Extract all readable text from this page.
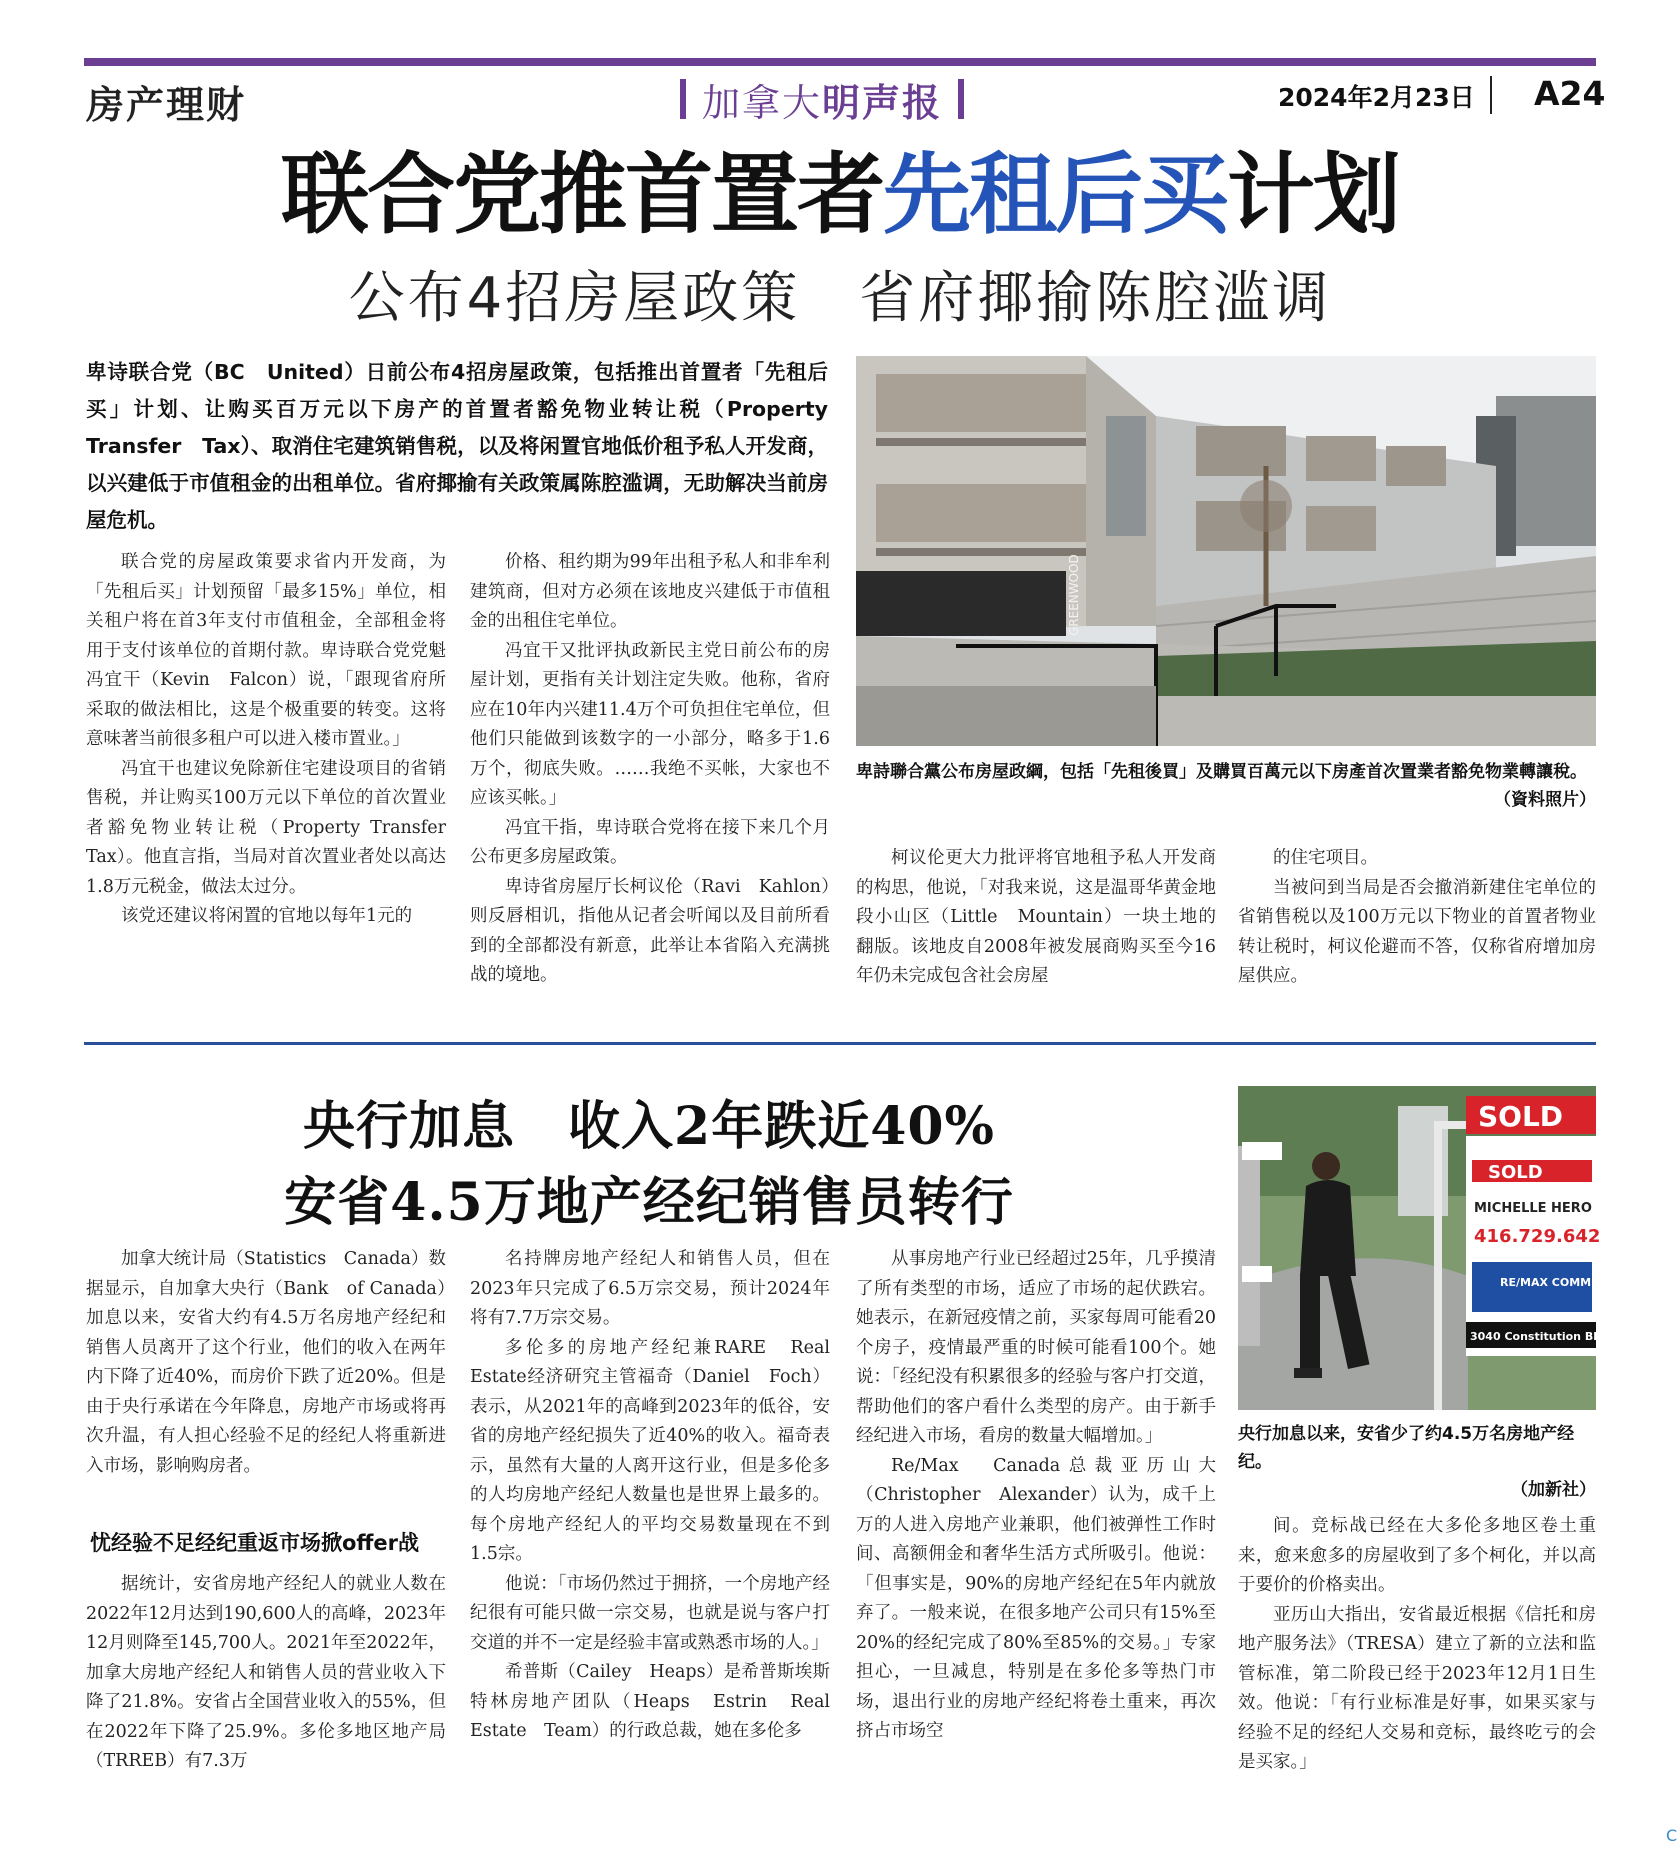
房产理财	加拿大明声报	2024年2月23日 A24
联合党推首置者先租后买计划
公布4招房屋政策　省府揶揄陈腔滥调
卑诗联合党（BC　United）日前公布4招房屋政策，包括推出首置者「先租后买」计划、让购买百万元以下房产的首置者豁免物业转让税（Property　Transfer　Tax）、取消住宅建筑销售税，以及将闲置官地低价租予私人开发商，以兴建低于市值租金的出租单位。省府揶揄有关政策属陈腔滥调，无助解决当前房屋危机。

联合党的房屋政策要求省内开发商，为「先租后买」计划预留「最多15%」单位，相关租户将在首3年支付市值租金，全部租金将用于支付该单位的首期付款。卑诗联合党党魁冯宜干（Kevin　Falcon）说，「跟现省府所采取的做法相比，这是个极重要的转变。这将意味著当前很多租户可以进入楼市置业。」

冯宜干也建议免除新住宅建设项目的省销售税，并让购买100万元以下单位的首次置业者豁免物业转让税（Property Transfer　Tax）。他直言指，当局对首次置业者处以高达1.8万元税金，做法太过分。

该党还建议将闲置的官地以每年1元的

价格、租约期为99年出租予私人和非牟利建筑商，但对方必须在该地皮兴建低于市值租金的出租住宅单位。

冯宜干又批评执政新民主党日前公布的房屋计划，更指有关计划注定失败。他称，省府应在10年内兴建11.4万个可负担住宅单位，但他们只能做到该数字的一小部分，略多于1.6万个，彻底失败。……我绝不买帐，大家也不应该买帐。」

冯宜干指，卑诗联合党将在接下来几个月公布更多房屋政策。

卑诗省房屋厅长柯议伦（Ravi　Kahlon）则反唇相讥，指他从记者会听闻以及目前所看到的全部都没有新意，此举让本省陷入充满挑战的境地。

GREENWOOD
卑詩聯合黨公布房屋政綱，包括「先租後買」及購買百萬元以下房產首次置業者豁免物業轉讓稅。
（資料照片）

柯议伦更大力批评将官地租予私人开发商的构思，他说，「对我来说，这是温哥华黄金地段小山区（Little　Mountain）一块土地的翻版。该地皮自2008年被发展商购买至今16年仍未完成包含社会房屋

的住宅项目。

当被问到当局是否会撤消新建住宅单位的省销售税以及100万元以下物业的首置者物业转让税时，柯议伦避而不答，仅称省府增加房屋供应。

央行加息　收入2年跌近40%
安省4.5万地产经纪销售员转行

加拿大统计局（Statistics　Canada）数据显示，自加拿大央行（Bank　of Canada）加息以来，安省大约有4.5万名房地产经纪和销售人员离开了这个行业，他们的收入在两年内下降了近40%，而房价下跌了近20%。但是由于央行承诺在今年降息，房地产市场或将再次升温，有人担心经验不足的经纪人将重新进入市场，影响购房者。

忧经验不足经纪重返市场掀offer战

据统计，安省房地产经纪人的就业人数在2022年12月达到190,600人的高峰，2023年12月则降至145,700人。2021年至2022年，加拿大房地产经纪人和销售人员的营业收入下降了21.8%。安省占全国营业收入的55%，但在2022年下降了25.9%。多伦多地区地产局（TRREB）有7.3万

名持牌房地产经纪人和销售人员，但在2023年只完成了6.5万宗交易，预计2024年将有7.7万宗交易。

多伦多的房地产经纪兼RARE　Real Estate经济研究主管福奇（Daniel　Foch）表示，从2021年的高峰到2023年的低谷，安省的房地产经纪损失了近40%的收入。福奇表示，虽然有大量的人离开这行业，但是多伦多的人均房地产经纪人数量也是世界上最多的。每个房地产经纪人的平均交易数量现在不到1.5宗。

他说：「市场仍然过于拥挤，一个房地产经纪很有可能只做一宗交易，也就是说与客户打交道的并不一定是经验丰富或熟悉市场的人。」

希普斯（Cailey　Heaps）是希普斯埃斯特林房地产团队（Heaps　Estrin　Real Estate　Team）的行政总裁，她在多伦多

从事房地产行业已经超过25年，几乎摸清了所有类型的市场，适应了市场的起伏跌宕。她表示，在新冠疫情之前，买家每周可能看20个房子，疫情最严重的时候可能看100个。她说：「经纪没有积累很多的经验与客户打交道，帮助他们的客户看什么类型的房产。由于新手经纪进入市场，看房的数量大幅增加。」

Re/Max　Canada总裁亚历山大（Christopher　Alexander）认为，成千上万的人进入房地产业兼职，他们被弹性工作时间、高额佣金和奢华生活方式所吸引。他说：「但事实是，90%的房地产经纪在5年内就放弃了。一般来说，在很多地产公司只有15%至20%的经纪完成了80%至85%的交易。」专家担心，一旦减息，特别是在多伦多等热门市场，退出行业的房地产经纪将卷土重来，再次挤占市场空

间。竞标战已经在大多伦多地区卷土重来，愈来愈多的房屋收到了多个柯化，并以高于要价的价格卖出。

亚历山大指出，安省最近根据《信托和房地产服务法》（TRESA）建立了新的立法和监管标准，第二阶段已经于2023年12月1日生效。他说：「有行业标准是好事，如果买家与经验不足的经纪人交易和竞标，最终吃亏的会是买家。」

SOLD
SOLD
MICHELLE HERO
416.729.642
RE/MAX COMMUNITY
3040 Constitution Blvd.
央行加息以来，安省少了约4.5万名房地产经纪。
（加新社）
C
